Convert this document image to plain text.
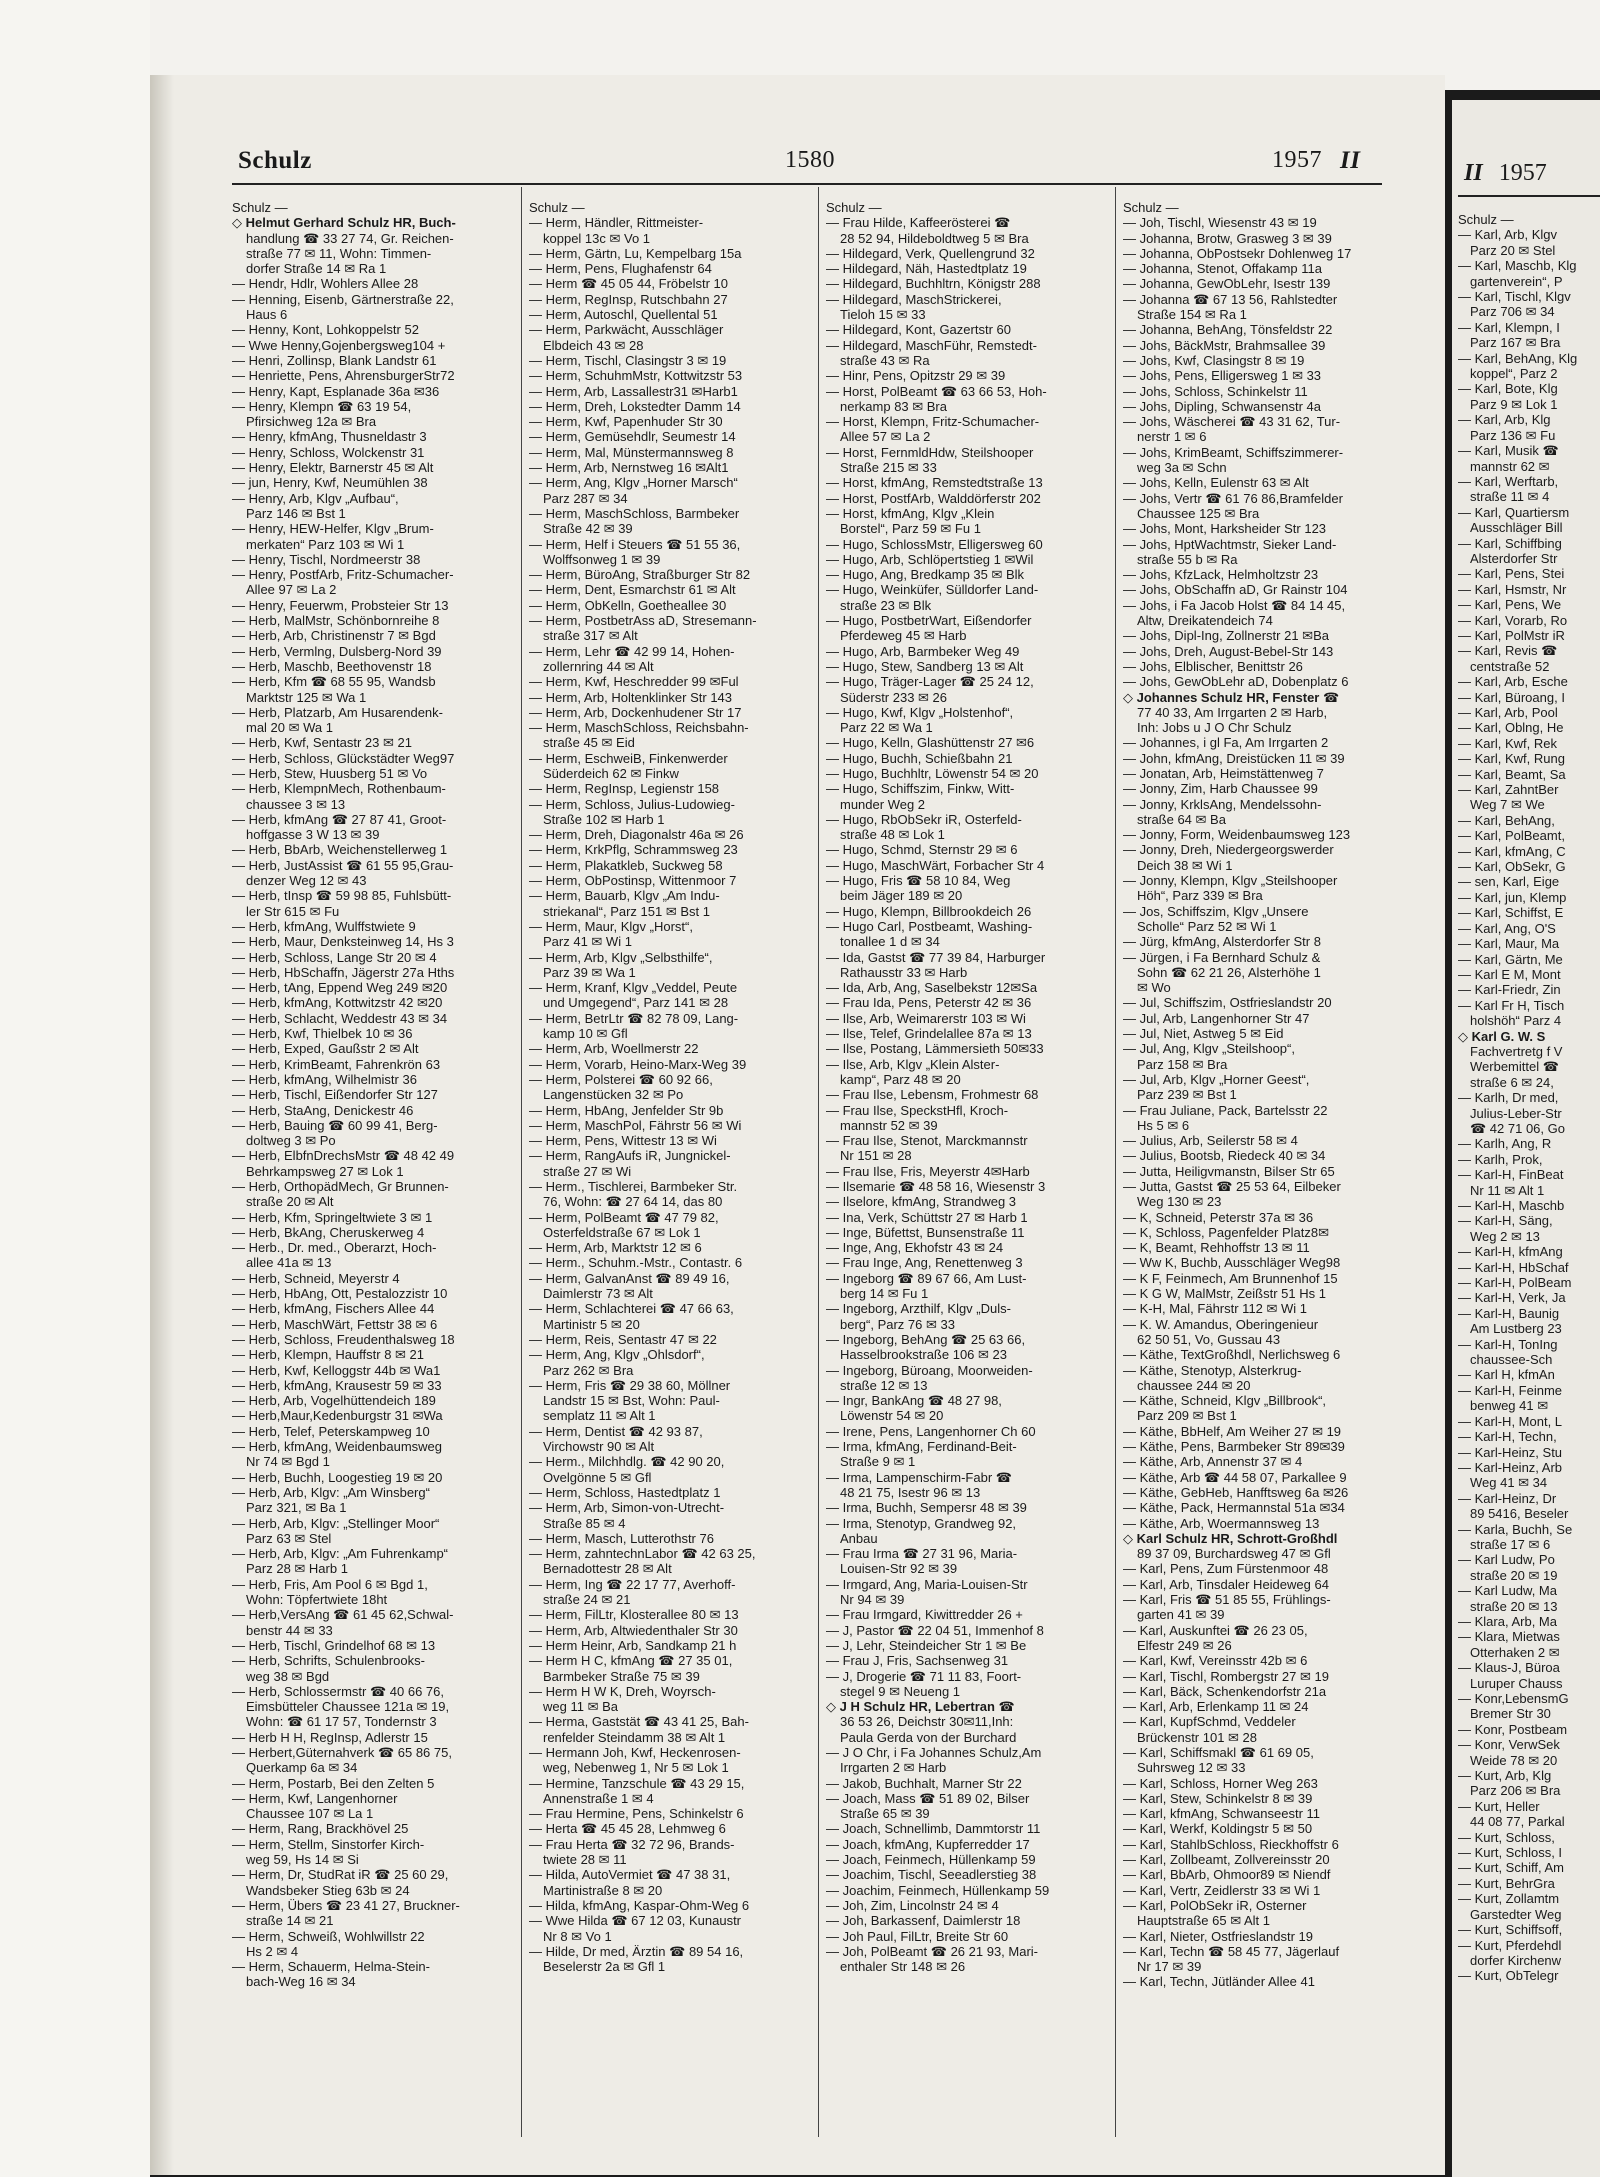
Schulz	1580	1957 II
Schulz —
◇ Helmut Gerhard Schulz HR, Buch-
handlung ☎ 33 27 74, Gr. Reichen-
straße 77 ✉ 11, Wohn: Timmen-
dorfer Straße 14 ✉ Ra 1
— Hendr, Hdlr, Wohlers Allee 28
— Henning, Eisenb, Gärtnerstraße 22,
Haus 6
— Henny, Kont, Lohkoppelstr 52
— Wwe Henny,Gojenbergsweg104 +
— Henri, Zollinsp, Blank Landstr 61
— Henriette, Pens, AhrensburgerStr72
— Henry, Kapt, Esplanade 36a ✉36
— Henry, Klempn ☎ 63 19 54,
Pfirsichweg 12a ✉ Bra
— Henry, kfmAng, Thusneldastr 3
— Henry, Schloss, Wolckenstr 31
— Henry, Elektr, Barnerstr 45 ✉ Alt
— jun, Henry, Kwf, Neumühlen 38
— Henry, Arb, Klgv „Aufbau“,
Parz 146 ✉ Bst 1
— Henry, HEW-Helfer, Klgv „Brum-
merkaten“ Parz 103 ✉ Wi 1
— Henry, Tischl, Nordmeerstr 38
— Henry, PostfArb, Fritz-Schumacher-
Allee 97 ✉ La 2
— Henry, Feuerwm, Probsteier Str 13
— Herb, MalMstr, Schönbornreihe 8
— Herb, Arb, Christinenstr 7 ✉ Bgd
— Herb, Vermlng, Dulsberg-Nord 39
— Herb, Maschb, Beethovenstr 18
— Herb, Kfm ☎ 68 55 95, Wandsb
Marktstr 125 ✉ Wa 1
— Herb, Platzarb, Am Husarendenk-
mal 20 ✉ Wa 1
— Herb, Kwf, Sentastr 23 ✉ 21
— Herb, Schloss, Glückstädter Weg97
— Herb, Stew, Huusberg 51 ✉ Vo
— Herb, KlempnMech, Rothenbaum-
chaussee 3 ✉ 13
— Herb, kfmAng ☎ 27 87 41, Groot-
hoffgasse 3 W 13 ✉ 39
— Herb, BbArb, Weichenstellerweg 1
— Herb, JustAssist ☎ 61 55 95,Grau-
denzer Weg 12 ✉ 43
— Herb, tInsp ☎ 59 98 85, Fuhlsbütt-
ler Str 615 ✉ Fu
— Herb, kfmAng, Wulffstwiete 9
— Herb, Maur, Denksteinweg 14, Hs 3
— Herb, Schloss, Lange Str 20 ✉ 4
— Herb, HbSchaffn, Jägerstr 27a Hths
— Herb, tAng, Eppend Weg 249 ✉20
— Herb, kfmAng, Kottwitzstr 42 ✉20
— Herb, Schlacht, Weddestr 43 ✉ 34
— Herb, Kwf, Thielbek 10 ✉ 36
— Herb, Exped, Gaußstr 2 ✉ Alt
— Herb, KrimBeamt, Fahrenkrön 63
— Herb, kfmAng, Wilhelmistr 36
— Herb, Tischl, Eißendorfer Str 127
— Herb, StaAng, Denickestr 46
— Herb, Bauing ☎ 60 99 41, Berg-
doltweg 3 ✉ Po
— Herb, ElbfnDrechsMstr ☎ 48 42 49
Behrkampsweg 27 ✉ Lok 1
— Herb, OrthopädMech, Gr Brunnen-
straße 20 ✉ Alt
— Herb, Kfm, Springeltwiete 3 ✉ 1
— Herb, BkAng, Cheruskerweg 4
— Herb., Dr. med., Oberarzt, Hoch-
allee 41a ✉ 13
— Herb, Schneid, Meyerstr 4
— Herb, HbAng, Ott, Pestalozzistr 10
— Herb, kfmAng, Fischers Allee 44
— Herb, MaschWärt, Fettstr 38 ✉ 6
— Herb, Schloss, Freudenthalsweg 18
— Herb, Klempn, Hauffstr 8 ✉ 21
— Herb, Kwf, Kelloggstr 44b ✉ Wa1
— Herb, kfmAng, Krausestr 59 ✉ 33
— Herb, Arb, Vogelhüttendeich 189
— Herb,Maur,Kedenburgstr 31 ✉Wa
— Herb, Telef, Peterskampweg 10
— Herb, kfmAng, Weidenbaumsweg
Nr 74 ✉ Bgd 1
— Herb, Buchh, Loogestieg 19 ✉ 20
— Herb, Arb, Klgv: „Am Winsberg“
Parz 321, ✉ Ba 1
— Herb, Arb, Klgv: „Stellinger Moor“
Parz 63 ✉ Stel
— Herb, Arb, Klgv: „Am Fuhrenkamp“
Parz 28 ✉ Harb 1
— Herb, Fris, Am Pool 6 ✉ Bgd 1,
Wohn: Töpfertwiete 18ht
— Herb,VersAng ☎ 61 45 62,Schwal-
benstr 44 ✉ 33
— Herb, Tischl, Grindelhof 68 ✉ 13
— Herb, Schrifts, Schulenbrooks-
weg 38 ✉ Bgd
— Herb, Schlossermstr ☎ 40 66 76,
Eimsbütteler Chaussee 121a ✉ 19,
Wohn: ☎ 61 17 57, Tondernstr 3
— Herb H H, RegInsp, Adlerstr 15
— Herbert,Güternahverk ☎ 65 86 75,
Querkamp 6a ✉ 34
— Herm, Postarb, Bei den Zelten 5
— Herm, Kwf, Langenhorner
Chaussee 107 ✉ La 1
— Herm, Rang, Brackhövel 25
— Herm, Stellm, Sinstorfer Kirch-
weg 59, Hs 14 ✉ Si
— Herm, Dr, StudRat iR ☎ 25 60 29,
Wandsbeker Stieg 63b ✉ 24
— Herm, Übers ☎ 23 41 27, Bruckner-
straße 14 ✉ 21
— Herm, Schweiß, Wohlwillstr 22
Hs 2 ✉ 4
— Herm, Schauerm, Helma-Stein-
bach-Weg 16 ✉ 34
Schulz —
— Herm, Händler, Rittmeister-
koppel 13c ✉ Vo 1
— Herm, Gärtn, Lu, Kempelbarg 15a
— Herm, Pens, Flughafenstr 64
— Herm ☎ 45 05 44, Fröbelstr 10
— Herm, RegInsp, Rutschbahn 27
— Herm, Autoschl, Quellental 51
— Herm, Parkwächt, Ausschläger
Elbdeich 43 ✉ 28
— Herm, Tischl, Clasingstr 3 ✉ 19
— Herm, SchuhmMstr, Kottwitzstr 53
— Herm, Arb, Lassallestr31 ✉Harb1
— Herm, Dreh, Lokstedter Damm 14
— Herm, Kwf, Papenhuder Str 30
— Herm, Gemüsehdlr, Seumestr 14
— Herm, Mal, Münstermannsweg 8
— Herm, Arb, Nernstweg 16 ✉Alt1
— Herm, Ang, Klgv „Horner Marsch“
Parz 287 ✉ 34
— Herm, MaschSchloss, Barmbeker
Straße 42 ✉ 39
— Herm, Helf i Steuers ☎ 51 55 36,
Wolffsonweg 1 ✉ 39
— Herm, BüroAng, Straßburger Str 82
— Herm, Dent, Esmarchstr 61 ✉ Alt
— Herm, ObKelln, Goetheallee 30
— Herm, PostbetrAss aD, Stresemann-
straße 317 ✉ Alt
— Herm, Lehr ☎ 42 99 14, Hohen-
zollernring 44 ✉ Alt
— Herm, Kwf, Heschredder 99 ✉Ful
— Herm, Arb, Holtenklinker Str 143
— Herm, Arb, Dockenhudener Str 17
— Herm, MaschSchloss, Reichsbahn-
straße 45 ✉ Eid
— Herm, EschweiB, Finkenwerder
Süderdeich 62 ✉ Finkw
— Herm, RegInsp, Legienstr 158
— Herm, Schloss, Julius-Ludowieg-
Straße 102 ✉ Harb 1
— Herm, Dreh, Diagonalstr 46a ✉ 26
— Herm, KrkPflg, Schrammsweg 23
— Herm, Plakatkleb, Suckweg 58
— Herm, ObPostinsp, Wittenmoor 7
— Herm, Bauarb, Klgv „Am Indu-
striekanal“, Parz 151 ✉ Bst 1
— Herm, Maur, Klgv „Horst“,
Parz 41 ✉ Wi 1
— Herm, Arb, Klgv „Selbsthilfe“,
Parz 39 ✉ Wa 1
— Herm, Kranf, Klgv „Veddel, Peute
und Umgegend“, Parz 141 ✉ 28
— Herm, BetrLtr ☎ 82 78 09, Lang-
kamp 10 ✉ Gfl
— Herm, Arb, Woellmerstr 22
— Herm, Vorarb, Heino-Marx-Weg 39
— Herm, Polsterei ☎ 60 92 66,
Langenstücken 32 ✉ Po
— Herm, HbAng, Jenfelder Str 9b
— Herm, MaschPol, Fährstr 56 ✉ Wi
— Herm, Pens, Wittestr 13 ✉ Wi
— Herm, RangAufs iR, Jungnickel-
straße 27 ✉ Wi
— Herm., Tischlerei, Barmbeker Str.
76, Wohn: ☎ 27 64 14, das 80
— Herm, PolBeamt ☎ 47 79 82,
Osterfeldstraße 67 ✉ Lok 1
— Herm, Arb, Marktstr 12 ✉ 6
— Herm., Schuhm.-Mstr., Contastr. 6
— Herm, GalvanAnst ☎ 89 49 16,
Daimlerstr 73 ✉ Alt
— Herm, Schlachterei ☎ 47 66 63,
Martinistr 5 ✉ 20
— Herm, Reis, Sentastr 47 ✉ 22
— Herm, Ang, Klgv „Ohlsdorf“,
Parz 262 ✉ Bra
— Herm, Fris ☎ 29 38 60, Möllner
Landstr 15 ✉ Bst, Wohn: Paul-
semplatz 11 ✉ Alt 1
— Herm, Dentist ☎ 42 93 87,
Virchowstr 90 ✉ Alt
— Herm., Milchhdlg. ☎ 42 90 20,
Ovelgönne 5 ✉ Gfl
— Herm, Schloss, Hastedtplatz 1
— Herm, Arb, Simon-von-Utrecht-
Straße 85 ✉ 4
— Herm, Masch, Lutterothstr 76
— Herm, zahntechnLabor ☎ 42 63 25,
Bernadottestr 28 ✉ Alt
— Herm, Ing ☎ 22 17 77, Averhoff-
straße 24 ✉ 21
— Herm, FilLtr, Klosterallee 80 ✉ 13
— Herm, Arb, Altwiedenthaler Str 30
— Herm Heinr, Arb, Sandkamp 21 h
— Herm H C, kfmAng ☎ 27 35 01,
Barmbeker Straße 75 ✉ 39
— Herm H W K, Dreh, Woyrsch-
weg 11 ✉ Ba
— Herma, Gaststät ☎ 43 41 25, Bah-
renfelder Steindamm 38 ✉ Alt 1
— Hermann Joh, Kwf, Heckenrosen-
weg, Nebenweg 1, Nr 5 ✉ Lok 1
— Hermine, Tanzschule ☎ 43 29 15,
Annenstraße 1 ✉ 4
— Frau Hermine, Pens, Schinkelstr 6
— Herta ☎ 45 45 28, Lehmweg 6
— Frau Herta ☎ 32 72 96, Brands-
twiete 28 ✉ 11
— Hilda, AutoVermiet ☎ 47 38 31,
Martinistraße 8 ✉ 20
— Hilda, kfmAng, Kaspar-Ohm-Weg 6
— Wwe Hilda ☎ 67 12 03, Kunaustr
Nr 8 ✉ Vo 1
— Hilde, Dr med, Ärztin ☎ 89 54 16,
Beselerstr 2a ✉ Gfl 1
Schulz —
— Frau Hilde, Kaffeerösterei ☎
28 52 94, Hildeboldtweg 5 ✉ Bra
— Hildegard, Verk, Quellengrund 32
— Hildegard, Näh, Hastedtplatz 19
— Hildegard, Buchhltrn, Königstr 288
— Hildegard, MaschStrickerei,
Tieloh 15 ✉ 33
— Hildegard, Kont, Gazertstr 60
— Hildegard, MaschFühr, Remstedt-
straße 43 ✉ Ra
— Hinr, Pens, Opitzstr 29 ✉ 39
— Horst, PolBeamt ☎ 63 66 53, Hoh-
nerkamp 83 ✉ Bra
— Horst, Klempn, Fritz-Schumacher-
Allee 57 ✉ La 2
— Horst, FernmldHdw, Steilshooper
Straße 215 ✉ 33
— Horst, kfmAng, Remstedtstraße 13
— Horst, PostfArb, Walddörferstr 202
— Horst, kfmAng, Klgv „Klein
Borstel“, Parz 59 ✉ Fu 1
— Hugo, SchlossMstr, Elligersweg 60
— Hugo, Arb, Schlöpertstieg 1 ✉Wil
— Hugo, Ang, Bredkamp 35 ✉ Blk
— Hugo, Weinküfer, Sülldorfer Land-
straße 23 ✉ Blk
— Hugo, PostbetrWart, Eißendorfer
Pferdeweg 45 ✉ Harb
— Hugo, Arb, Barmbeker Weg 49
— Hugo, Stew, Sandberg 13 ✉ Alt
— Hugo, Träger-Lager ☎ 25 24 12,
Süderstr 233 ✉ 26
— Hugo, Kwf, Klgv „Holstenhof“,
Parz 22 ✉ Wa 1
— Hugo, Kelln, Glashüttenstr 27 ✉6
— Hugo, Buchh, Schießbahn 21
— Hugo, Buchhltr, Löwenstr 54 ✉ 20
— Hugo, Schiffszim, Finkw, Witt-
munder Weg 2
— Hugo, RbObSekr iR, Osterfeld-
straße 48 ✉ Lok 1
— Hugo, Schmd, Sternstr 29 ✉ 6
— Hugo, MaschWärt, Forbacher Str 4
— Hugo, Fris ☎ 58 10 84, Weg
beim Jäger 189 ✉ 20
— Hugo, Klempn, Billbrookdeich 26
— Hugo Carl, Postbeamt, Washing-
tonallee 1 d ✉ 34
— Ida, Gastst ☎ 77 39 84, Harburger
Rathausstr 33 ✉ Harb
— Ida, Arb, Ang, Saselbekstr 12✉Sa
— Frau Ida, Pens, Peterstr 42 ✉ 36
— Ilse, Arb, Weimarerstr 103 ✉ Wi
— Ilse, Telef, Grindelallee 87a ✉ 13
— Ilse, Postang, Lämmersieth 50✉33
— Ilse, Arb, Klgv „Klein Alster-
kamp“, Parz 48 ✉ 20
— Frau Ilse, Lebensm, Frohmestr 68
— Frau Ilse, SpeckstHfl, Kroch-
mannstr 52 ✉ 39
— Frau Ilse, Stenot, Marckmannstr
Nr 151 ✉ 28
— Frau Ilse, Fris, Meyerstr 4✉Harb
— Ilsemarie ☎ 48 58 16, Wiesenstr 3
— Ilselore, kfmAng, Strandweg 3
— Ina, Verk, Schüttstr 27 ✉ Harb 1
— Inge, Büfettst, Bunsenstraße 11
— Inge, Ang, Ekhofstr 43 ✉ 24
— Frau Inge, Ang, Renettenweg 3
— Ingeborg ☎ 89 67 66, Am Lust-
berg 14 ✉ Fu 1
— Ingeborg, Arzthilf, Klgv „Duls-
berg“, Parz 76 ✉ 33
— Ingeborg, BehAng ☎ 25 63 66,
Hasselbrookstraße 106 ✉ 23
— Ingeborg, Büroang, Moorweiden-
straße 12 ✉ 13
— Ingr, BankAng ☎ 48 27 98,
Löwenstr 54 ✉ 20
— Irene, Pens, Langenhorner Ch 60
— Irma, kfmAng, Ferdinand-Beit-
Straße 9 ✉ 1
— Irma, Lampenschirm-Fabr ☎
48 21 75, Isestr 96 ✉ 13
— Irma, Buchh, Sempersr 48 ✉ 39
— Irma, Stenotyp, Grandweg 92,
Anbau
— Frau Irma ☎ 27 31 96, Maria-
Louisen-Str 92 ✉ 39
— Irmgard, Ang, Maria-Louisen-Str
Nr 94 ✉ 39
— Frau Irmgard, Kiwittredder 26 +
— J, Pastor ☎ 22 04 51, Immenhof 8
— J, Lehr, Steindeicher Str 1 ✉ Be
— Frau J, Fris, Sachsenweg 31
— J, Drogerie ☎ 71 11 83, Foort-
stegel 9 ✉ Neueng 1
◇ J H Schulz HR, Lebertran ☎
36 53 26, Deichstr 30✉11,Inh:
Paula Gerda von der Burchard
— J O Chr, i Fa Johannes Schulz,Am
Irrgarten 2 ✉ Harb
— Jakob, Buchhalt, Marner Str 22
— Joach, Mass ☎ 51 89 02, Bilser
Straße 65 ✉ 39
— Joach, Schnellimb, Dammtorstr 11
— Joach, kfmAng, Kupferredder 17
— Joach, Feinmech, Hüllenkamp 59
— Joachim, Tischl, Seeadlerstieg 38
— Joachim, Feinmech, Hüllenkamp 59
— Joh, Zim, Lincolnstr 24 ✉ 4
— Joh, Barkassenf, Daimlerstr 18
— Joh Paul, FilLtr, Breite Str 60
— Joh, PolBeamt ☎ 26 21 93, Mari-
enthaler Str 148 ✉ 26
Schulz —
— Joh, Tischl, Wiesenstr 43 ✉ 19
— Johanna, Brotw, Grasweg 3 ✉ 39
— Johanna, ObPostsekr Dohlenweg 17
— Johanna, Stenot, Offakamp 11a
— Johanna, GewObLehr, Isestr 139
— Johanna ☎ 67 13 56, Rahlstedter
Straße 154 ✉ Ra 1
— Johanna, BehAng, Tönsfeldstr 22
— Johs, BäckMstr, Brahmsallee 39
— Johs, Kwf, Clasingstr 8 ✉ 19
— Johs, Pens, Elligersweg 1 ✉ 33
— Johs, Schloss, Schinkelstr 11
— Johs, Dipling, Schwansenstr 4a
— Johs, Wäscherei ☎ 43 31 62, Tur-
nerstr 1 ✉ 6
— Johs, KrimBeamt, Schiffszimmerer-
weg 3a ✉ Schn
— Johs, Kelln, Eulenstr 63 ✉ Alt
— Johs, Vertr ☎ 61 76 86,Bramfelder
Chaussee 125 ✉ Bra
— Johs, Mont, Harksheider Str 123
— Johs, HptWachtmstr, Sieker Land-
straße 55 b ✉ Ra
— Johs, KfzLack, Helmholtzstr 23
— Johs, ObSchaffn aD, Gr Rainstr 104
— Johs, i Fa Jacob Holst ☎ 84 14 45,
Altw, Dreikatendeich 74
— Johs, Dipl-Ing, Zollnerstr 21 ✉Ba
— Johs, Dreh, August-Bebel-Str 143
— Johs, Elblischer, Benittstr 26
— Johs, GewObLehr aD, Dobenplatz 6
◇ Johannes Schulz HR, Fenster ☎
77 40 33, Am Irrgarten 2 ✉ Harb,
Inh: Jobs u J O Chr Schulz
— Johannes, i gl Fa, Am Irrgarten 2
— John, kfmAng, Dreistücken 11 ✉ 39
— Jonatan, Arb, Heimstättenweg 7
— Jonny, Zim, Harb Chaussee 99
— Jonny, KrklsAng, Mendelssohn-
straße 64 ✉ Ba
— Jonny, Form, Weidenbaumsweg 123
— Jonny, Dreh, Niedergeorgswerder
Deich 38 ✉ Wi 1
— Jonny, Klempn, Klgv „Steilshooper
Höh“, Parz 339 ✉ Bra
— Jos, Schiffszim, Klgv „Unsere
Scholle“ Parz 52 ✉ Wi 1
— Jürg, kfmAng, Alsterdorfer Str 8
— Jürgen, i Fa Bernhard Schulz &
Sohn ☎ 62 21 26, Alsterhöhe 1
✉ Wo
— Jul, Schiffszim, Ostfrieslandstr 20
— Jul, Arb, Langenhorner Str 47
— Jul, Niet, Astweg 5 ✉ Eid
— Jul, Ang, Klgv „Steilshoop“,
Parz 158 ✉ Bra
— Jul, Arb, Klgv „Horner Geest“,
Parz 239 ✉ Bst 1
— Frau Juliane, Pack, Bartelsstr 22
Hs 5 ✉ 6
— Julius, Arb, Seilerstr 58 ✉ 4
— Julius, Bootsb, Riedeck 40 ✉ 34
— Jutta, Heiligvmanstn, Bilser Str 65
— Jutta, Gastst ☎ 25 53 64, Eilbeker
Weg 130 ✉ 23
— K, Schneid, Peterstr 37a ✉ 36
— K, Schloss, Pagenfelder Platz8✉
— K, Beamt, Rehhoffstr 13 ✉ 11
— Ww K, Buchb, Ausschläger Weg98
— K F, Feinmech, Am Brunnenhof 15
— K G W, MalMstr, Zeißstr 51 Hs 1
— K-H, Mal, Fährstr 112 ✉ Wi 1
— K. W. Amandus, Oberingenieur
62 50 51, Vo, Gussau 43
— Käthe, TextGroßhdl, Nerlichsweg 6
— Käthe, Stenotyp, Alsterkrug-
chaussee 244 ✉ 20
— Käthe, Schneid, Klgv „Billbrook“,
Parz 209 ✉ Bst 1
— Käthe, BbHelf, Am Weiher 27 ✉ 19
— Käthe, Pens, Barmbeker Str 89✉39
— Käthe, Arb, Annenstr 37 ✉ 4
— Käthe, Arb ☎ 44 58 07, Parkallee 9
— Käthe, GebHeb, Hanfftsweg 6a ✉26
— Käthe, Pack, Hermannstal 51a ✉34
— Käthe, Arb, Woermannsweg 13
◇ Karl Schulz HR, Schrott-Großhdl
89 37 09, Burchardsweg 47 ✉ Gfl
— Karl, Pens, Zum Fürstenmoor 48
— Karl, Arb, Tinsdaler Heideweg 64
— Karl, Fris ☎ 51 85 55, Frühlings-
garten 41 ✉ 39
— Karl, Auskunftei ☎ 26 23 05,
Elfestr 249 ✉ 26
— Karl, Kwf, Vereinsstr 42b ✉ 6
— Karl, Tischl, Rombergstr 27 ✉ 19
— Karl, Bäck, Schenkendorfstr 21a
— Karl, Arb, Erlenkamp 11 ✉ 24
— Karl, KupfSchmd, Veddeler
Brückenstr 101 ✉ 28
— Karl, Schiffsmakl ☎ 61 69 05,
Suhrsweg 12 ✉ 33
— Karl, Schloss, Horner Weg 263
— Karl, Stew, Schinkelstr 8 ✉ 39
— Karl, kfmAng, Schwanseestr 11
— Karl, Werkf, Koldingstr 5 ✉ 50
— Karl, StahlbSchloss, Rieckhoffstr 6
— Karl, Zollbeamt, Zollvereinsstr 20
— Karl, BbArb, Ohmoor89 ✉ Niendf
— Karl, Vertr, Zeidlerstr 33 ✉ Wi 1
— Karl, PolObSekr iR, Osterner
Hauptstraße 65 ✉ Alt 1
— Karl, Nieter, Ostfrieslandstr 19
— Karl, Techn ☎ 58 45 77, Jägerlauf
Nr 17 ✉ 39
— Karl, Techn, Jütländer Allee 41
II 1957
Schulz —
— Karl, Arb, Klgv
Parz 20 ✉ Stel
— Karl, Maschb, Klg
gartenverein“, P
— Karl, Tischl, Klgv
Parz 706 ✉ 34
— Karl, Klempn, I
Parz 167 ✉ Bra
— Karl, BehAng, Klg
koppel“, Parz 2
— Karl, Bote, Klg
Parz 9 ✉ Lok 1
— Karl, Arb, Klg
Parz 136 ✉ Fu
— Karl, Musik ☎
mannstr 62 ✉
— Karl, Werftarb,
straße 11 ✉ 4
— Karl, Quartiersm
Ausschläger Bill
— Karl, Schiffbing
Alsterdorfer Str
— Karl, Pens, Stei
— Karl, Hsmstr, Nr
— Karl, Pens, We
— Karl, Vorarb, Ro
— Karl, PolMstr iR
— Karl, Revis ☎
centstraße 52
— Karl, Arb, Esche
— Karl, Büroang, I
— Karl, Arb, Pool
— Karl, Oblng, He
— Karl, Kwf, Rek
— Karl, Kwf, Rung
— Karl, Beamt, Sa
— Karl, ZahntBer
Weg 7 ✉ We
— Karl, BehAng,
— Karl, PolBeamt,
— Karl, kfmAng, C
— Karl, ObSekr, G
— sen, Karl, Eige
— Karl, jun, Klemp
— Karl, Schiffst, E
— Karl, Ang, O'S
— Karl, Maur, Ma
— Karl, Gärtn, Me
— Karl E M, Mont
— Karl-Friedr, Zin
— Karl Fr H, Tisch
holshöh“ Parz 4
◇ Karl G. W. S
Fachvertretg f V
Werbemittel ☎
straße 6 ✉ 24,
— Karlh, Dr med,
Julius-Leber-Str
☎ 42 71 06, Go
— Karlh, Ang, R
— Karlh, Prok,
— Karl-H, FinBeat
Nr 11 ✉ Alt 1
— Karl-H, Maschb
— Karl-H, Säng,
Weg 2 ✉ 13
— Karl-H, kfmAng
— Karl-H, HbSchaf
— Karl-H, PolBeam
— Karl-H, Verk, Ja
— Karl-H, Baunig
Am Lustberg 23
— Karl-H, TonIng
chaussee-Sch
— Karl H, kfmAn
— Karl-H, Feinme
benweg 41 ✉
— Karl-H, Mont, L
— Karl-H, Techn,
— Karl-Heinz, Stu
— Karl-Heinz, Arb
Weg 41 ✉ 34
— Karl-Heinz, Dr
89 5416, Beseler
— Karla, Buchh, Se
straße 17 ✉ 6
— Karl Ludw, Po
straße 20 ✉ 19
— Karl Ludw, Ma
straße 20 ✉ 13
— Klara, Arb, Ma
— Klara, Mietwas
Otterhaken 2 ✉
— Klaus-J, Büroa
Luruper Chauss
— Konr,LebensmG
Bremer Str 30
— Konr, Postbeam
— Konr, VerwSek
Weide 78 ✉ 20
— Kurt, Arb, Klg
Parz 206 ✉ Bra
— Kurt, Heller
44 08 77, Parkal
— Kurt, Schloss,
— Kurt, Schloss, I
— Kurt, Schiff, Am
— Kurt, BehrGra
— Kurt, Zollamtm
Garstedter Weg
— Kurt, Schiffsoff,
— Kurt, Pferdehdl
dorfer Kirchenw
— Kurt, ObTelegr
